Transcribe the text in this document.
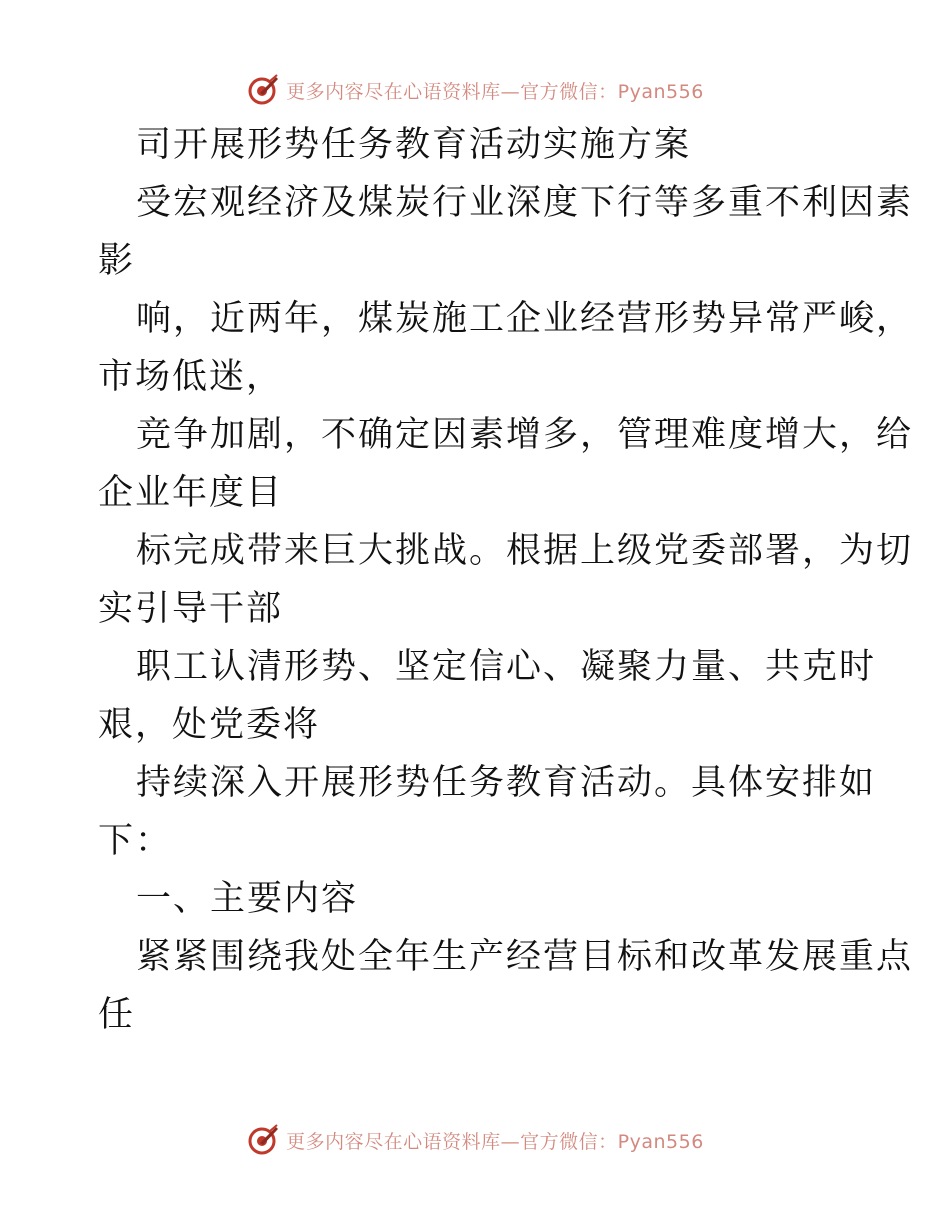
更多内容尽在心语资料库—官方微信：Pyan556
司开展形势任务教育活动实施方案
受宏观经济及煤炭行业深度下行等多重不利因素
影
响，近两年，煤炭施工企业经营形势异常严峻，
市场低迷，
竞争加剧，不确定因素增多，管理难度增大，给
企业年度目
标完成带来巨大挑战。根据上级党委部署，为切
实引导干部
职工认清形势、坚定信心、凝聚力量、共克时
艰，处党委将
持续深入开展形势任务教育活动。具体安排如
下：
一、主要内容
紧紧围绕我处全年生产经营目标和改革发展重点
任
更多内容尽在心语资料库—官方微信：Pyan556
